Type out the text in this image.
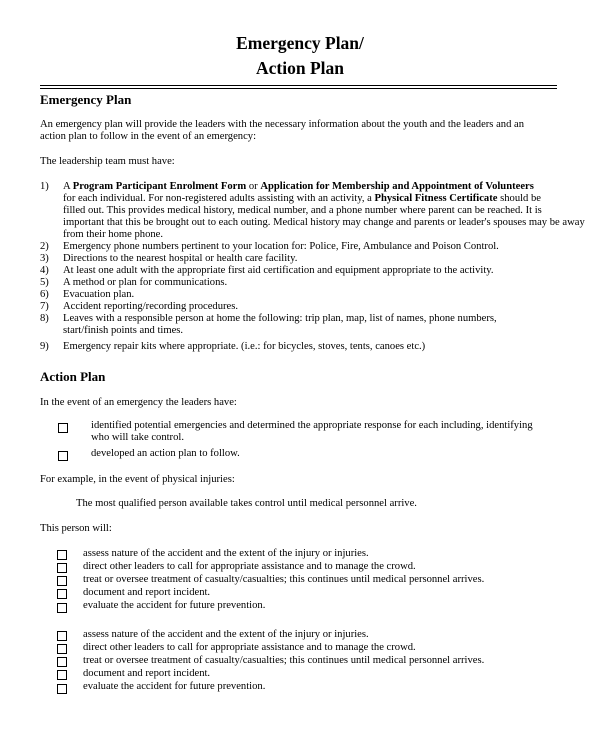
Emergency Plan/
Action Plan
Emergency Plan
An emergency plan will provide the leaders with the necessary information about the youth and the leaders and an
action plan to follow in the event of an emergency:
The leadership team must have:
1) A Program Participant Enrolment Form or Application for Membership and Appointment of Volunteers
for each individual. For non-registered adults assisting with an activity, a Physical Fitness Certificate should be
filled out. This provides medical history, medical number, and a phone number where parent can be reached. It is
important that this be brought out to each outing. Medical history may change and parents or leader's spouses may be away
from their home phone.
2) Emergency phone numbers pertinent to your location for: Police, Fire, Ambulance and Poison Control.
3) Directions to the nearest hospital or health care facility.
4) At least one adult with the appropriate first aid certification and equipment appropriate to the activity.
5) A method or plan for communications.
6) Evacuation plan.
7) Accident reporting/recording procedures.
8) Leaves with a responsible person at home the following: trip plan, map, list of names, phone numbers,
start/finish points and times.
9) Emergency repair kits where appropriate. (i.e.: for bicycles, stoves, tents, canoes etc.)
Action Plan
In the event of an emergency the leaders have:
identified potential emergencies and determined the appropriate response for each including, identifying
who will take control.
developed an action plan to follow.
For example, in the event of physical injuries:
The most qualified person available takes control until medical personnel arrive.
This person will:
assess nature of the accident and the extent of the injury or injuries.
direct other leaders to call for appropriate assistance and to manage the crowd.
treat or oversee treatment of casualty/casualties; this continues until medical personnel arrives.
document and report incident.
evaluate the accident for future prevention.
assess nature of the accident and the extent of the injury or injuries.
direct other leaders to call for appropriate assistance and to manage the crowd.
treat or oversee treatment of casualty/casualties; this continues until medical personnel arrives.
document and report incident.
evaluate the accident for future prevention.
